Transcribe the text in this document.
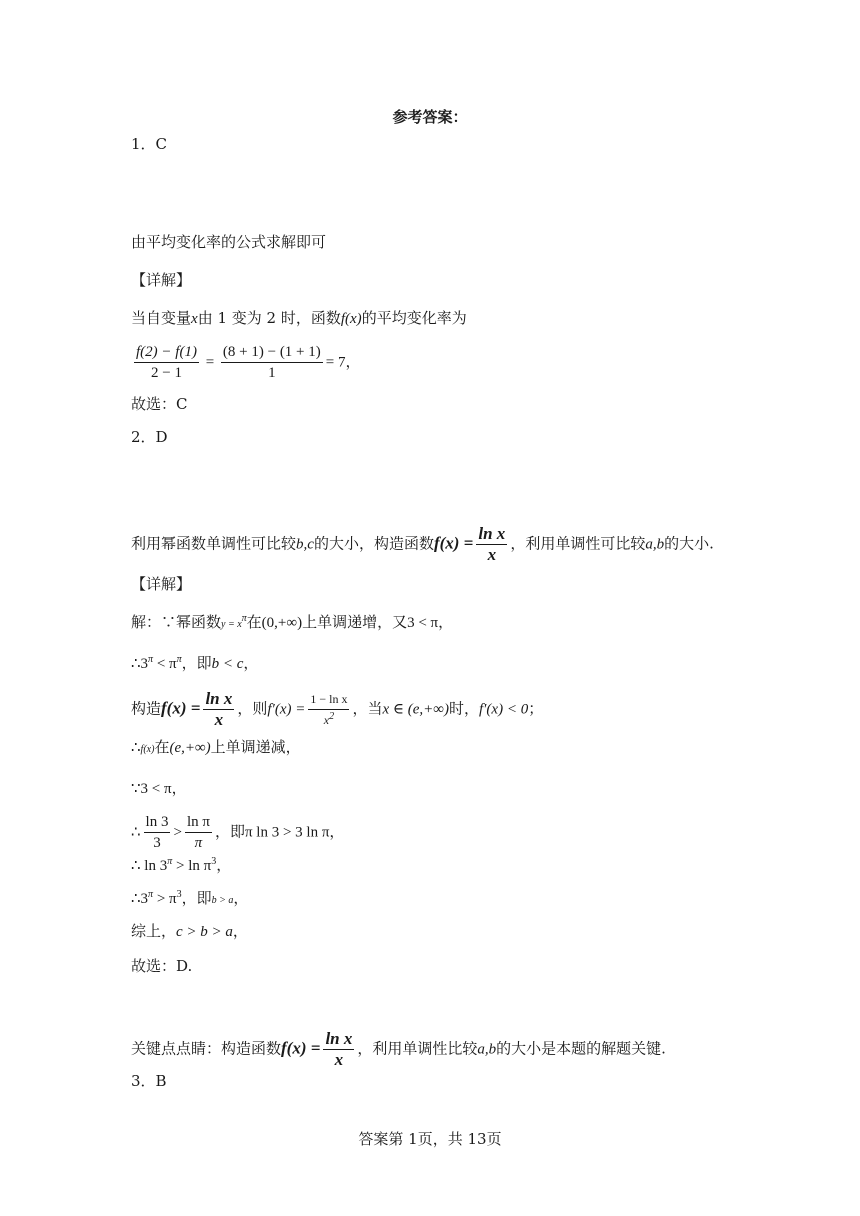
参考答案：
1．C
由平均变化率的公式求解即可
【详解】
当自变量x由 1 变为 2 时，函数f(x)的平均变化率为
$\frac{f(2) - f(1)}{2 - 1} = \frac{(8 + 1) - (1 + 1)}{1} = 7$，
故选：C
2．D
利用幂函数单调性可比较b,c的大小，构造函数$f(x) = \frac{\text{ln x}}{x}$ ，利用单调性可比较a,b的大小.
【详解】
解：∵幂函数$y = x^\pi$在(0,+∞)上单调递增，又3 < π，
$\therefore 3^\pi < \pi^\pi$，即b < c，
构造$f(x) = \frac{\text{ln x}}{x}$ ，则$f'(x) = \frac{\text{1 − ln x}}{x^2}$ ，当x ∈ (e,+∞)时，f′(x) < 0；
∴f(x)在(e,+∞)上单调递减，
∵3 < π，
∴ $\frac{\ln 3}{3} > \frac{\text{ln π}}{\pi}$ ，即π ln 3 > 3 ln π，
∴ $\ln 3^\pi > \ln \pi^3$，
$\therefore 3^\pi > \pi^3$，即b > a，
综上，c > b > a，
故选：D.
关键点点睛：构造函数$f(x) = \frac{\text{ln x}}{x}$ ，利用单调性比较a,b的大小是本题的解题关键.
3．B
答案第 1页，共 13页
